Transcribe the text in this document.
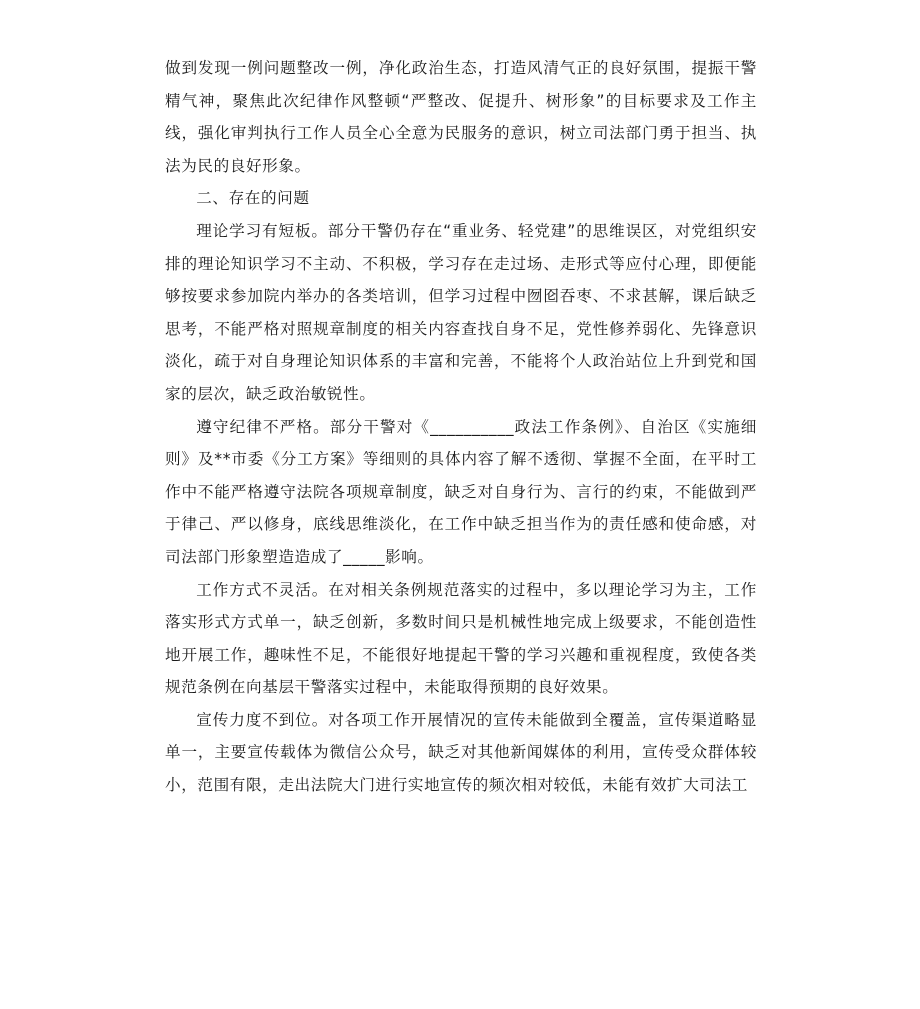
做到发现一例问题整改一例，净化政治生态，打造风清气正的良好氛围，提振干警精气神，聚焦此次纪律作风整顿“严整改、促提升、树形象”的目标要求及工作主线，强化审判执行工作人员全心全意为民服务的意识，树立司法部门勇于担当、执法为民的良好形象。

二、存在的问题

理论学习有短板。部分干警仍存在“重业务、轻党建”的思维误区，对党组织安排的理论知识学习不主动、不积极，学习存在走过场、走形式等应付心理，即便能够按要求参加院内举办的各类培训，但学习过程中囫囵吞枣、不求甚解，课后缺乏思考，不能严格对照规章制度的相关内容查找自身不足，党性修养弱化、先锋意识淡化，疏于对自身理论知识体系的丰富和完善，不能将个人政治站位上升到党和国家的层次，缺乏政治敏锐性。

遵守纪律不严格。部分干警对《__________政法工作条例》、自治区《实施细则》及**市委《分工方案》等细则的具体内容了解不透彻、掌握不全面，在平时工作中不能严格遵守法院各项规章制度，缺乏对自身行为、言行的约束，不能做到严于律己、严以修身，底线思维淡化，在工作中缺乏担当作为的责任感和使命感，对司法部门形象塑造造成了_____影响。

工作方式不灵活。在对相关条例规范落实的过程中，多以理论学习为主，工作落实形式方式单一，缺乏创新，多数时间只是机械性地完成上级要求，不能创造性地开展工作，趣味性不足，不能很好地提起干警的学习兴趣和重视程度，致使各类规范条例在向基层干警落实过程中，未能取得预期的良好效果。

宣传力度不到位。对各项工作开展情况的宣传未能做到全覆盖，宣传渠道略显单一，主要宣传载体为微信公众号，缺乏对其他新闻媒体的利用，宣传受众群体较小，范围有限，走出法院大门进行实地宣传的频次相对较低，未能有效扩大司法工
